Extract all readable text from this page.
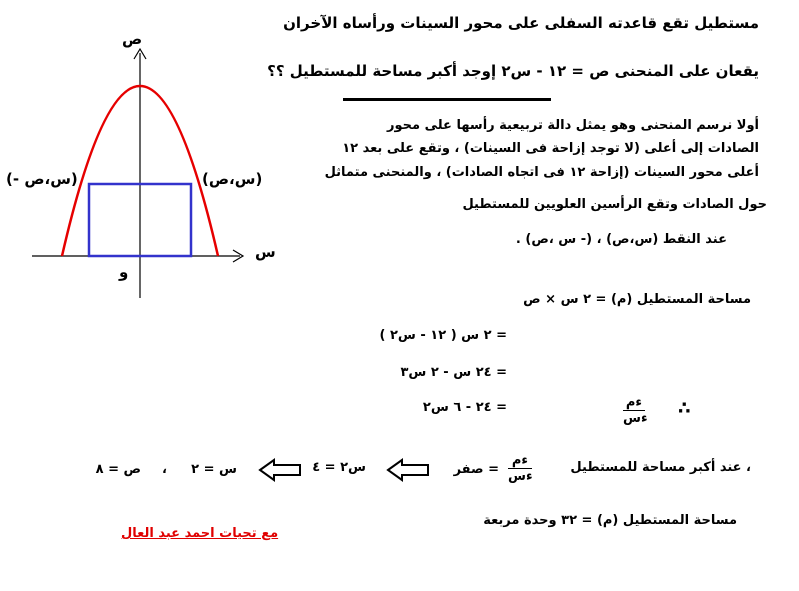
ص
س
و
(- س،ص)	(س،ص)
مستطيل تقع قاعدته السفلى على محور السينات ورأساه الآخران
يقعان على المنحنى ص = ١٢ - س٢ إوجد أكبر مساحة للمستطيل ؟؟
أولا نرسم المنحنى وهو يمثل دالة تربيعية رأسها على محور
الصادات إلى أعلى (لا توجد إزاحة فى السينات) ، وتقع على بعد ١٢
أعلى محور السينات (إزاحة ١٢ فى اتجاه الصادات) ، والمنحنى متماثل
حول الصادات وتقع الرأسين العلويين للمستطيل
عند النقط (س،ص) ، (- س ،ص) .
مساحة المستطيل (م) = ٢ س × ص
= ٢ س ( ١٢ - س٢ )
= ٢٤ س - ٢ س٣
= ٢٤ - ٦ س٢	ءم
ءس ∴
، عند أكبر مساحة للمستطيل
ءم
ءس
= صفر
س٢ = ٤
س = ٢
،
ص = ٨
مساحة المستطيل (م) = ٣٢ وحدة مربعة
مع تحيات احمد عبد العال
